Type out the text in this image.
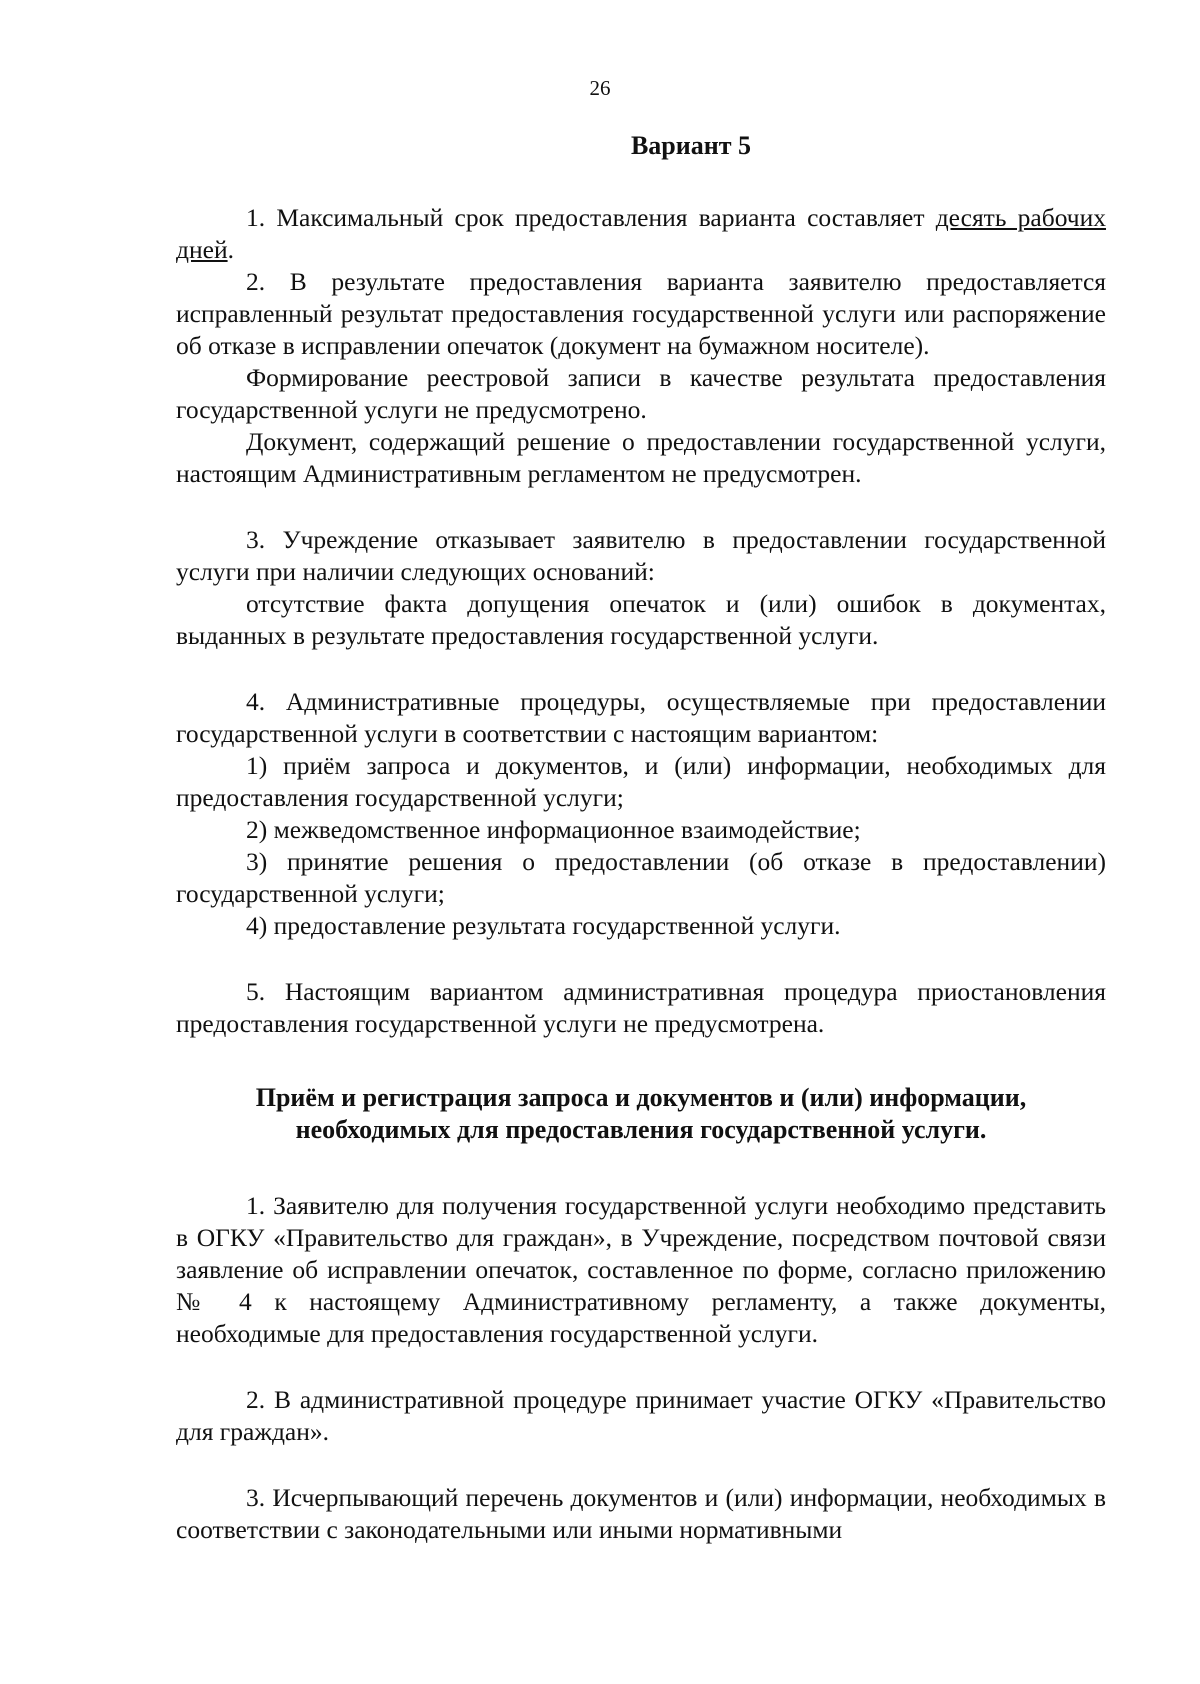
26
Вариант 5

1. Максимальный срок предоставления варианта составляет десять рабочих дней.

2. В результате предоставления варианта заявителю предоставляется исправленный результат предоставления государственной услуги или распоряжение об отказе в исправлении опечаток (документ на бумажном носителе).

Формирование реестровой записи в качестве результата предоставления государственной услуги не предусмотрено.

Документ, содержащий решение о предоставлении государственной услуги, настоящим Административным регламентом не предусмотрен.

3. Учреждение отказывает заявителю в предоставлении государственной услуги при наличии следующих оснований:

отсутствие факта допущения опечаток и (или) ошибок в документах, выданных в результате предоставления государственной услуги.

4. Административные процедуры, осуществляемые при предоставлении государственной услуги в соответствии с настоящим вариантом:

1) приём запроса и документов, и (или) информации, необходимых для предоставления государственной услуги;

2) межведомственное информационное взаимодействие;

3) принятие решения о предоставлении (об отказе в предоставлении) государственной услуги;

4) предоставление результата государственной услуги.

5. Настоящим вариантом административная процедура приостановления предоставления государственной услуги не предусмотрена.

Приём и регистрация запроса и документов и (или) информации,
необходимых для предоставления государственной услуги.

1. Заявителю для получения государственной услуги необходимо представить в ОГКУ «Правительство для граждан», в Учреждение, посредством почтовой связи заявление об исправлении опечаток, составленное по форме, согласно приложению № 4 к настоящему Административному регламенту, а также документы, необходимые для предоставления государственной услуги.

2. В административной процедуре принимает участие ОГКУ «Правительство для граждан».

3. Исчерпывающий перечень документов и (или) информации, необходимых в соответствии с законодательными или иными нормативными
